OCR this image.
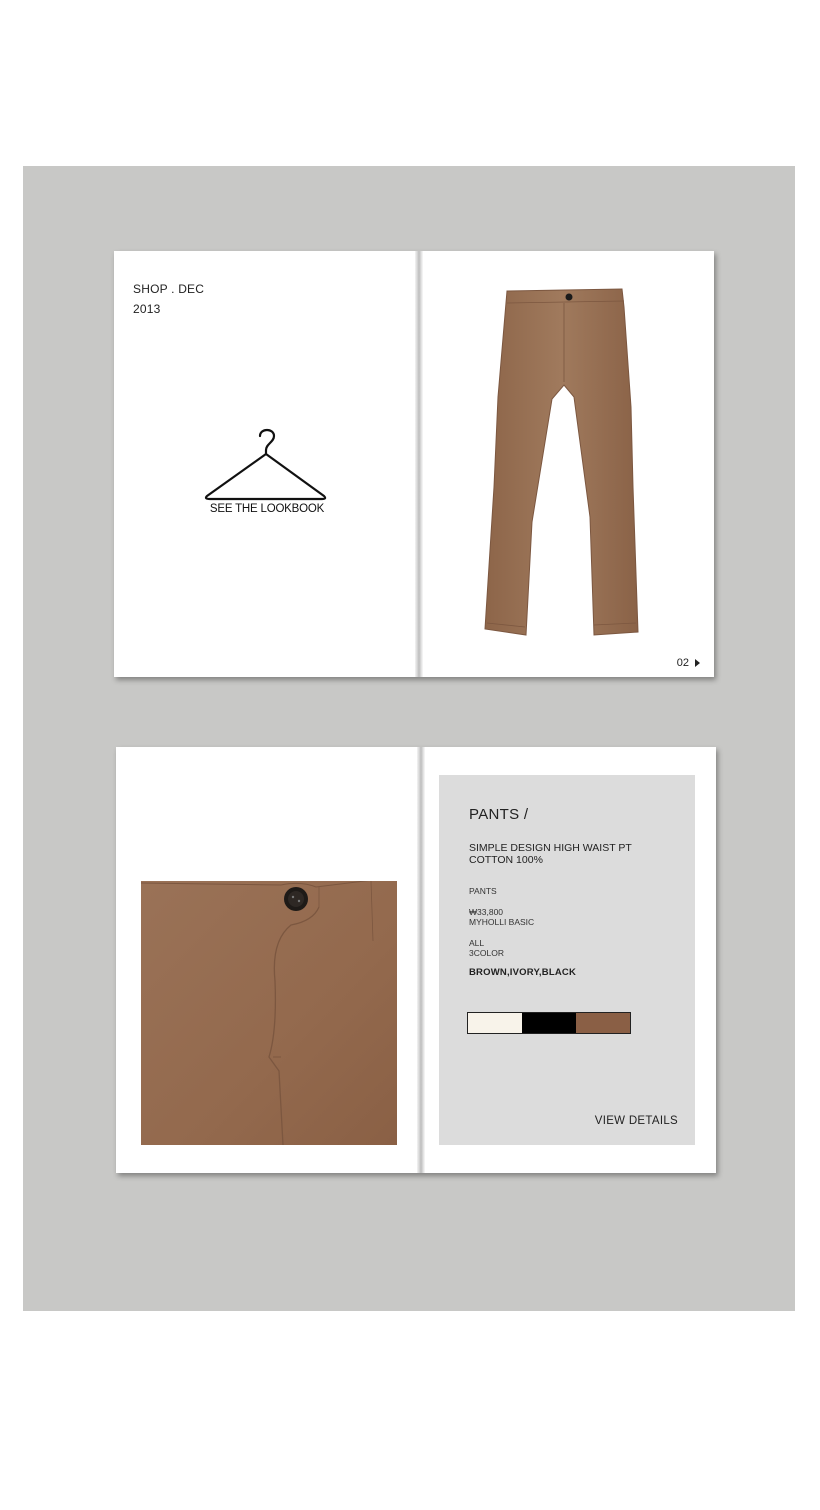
SHOP . DEC
2013
SEE THE LOOKBOOK
02
PANTS /
SIMPLE DESIGN HIGH WAIST PT
COTTON 100%
PANTS
₩33,800
MYHOLLI BASIC
ALL
3COLOR
BROWN,IVORY,BLACK
VIEW DETAILS
